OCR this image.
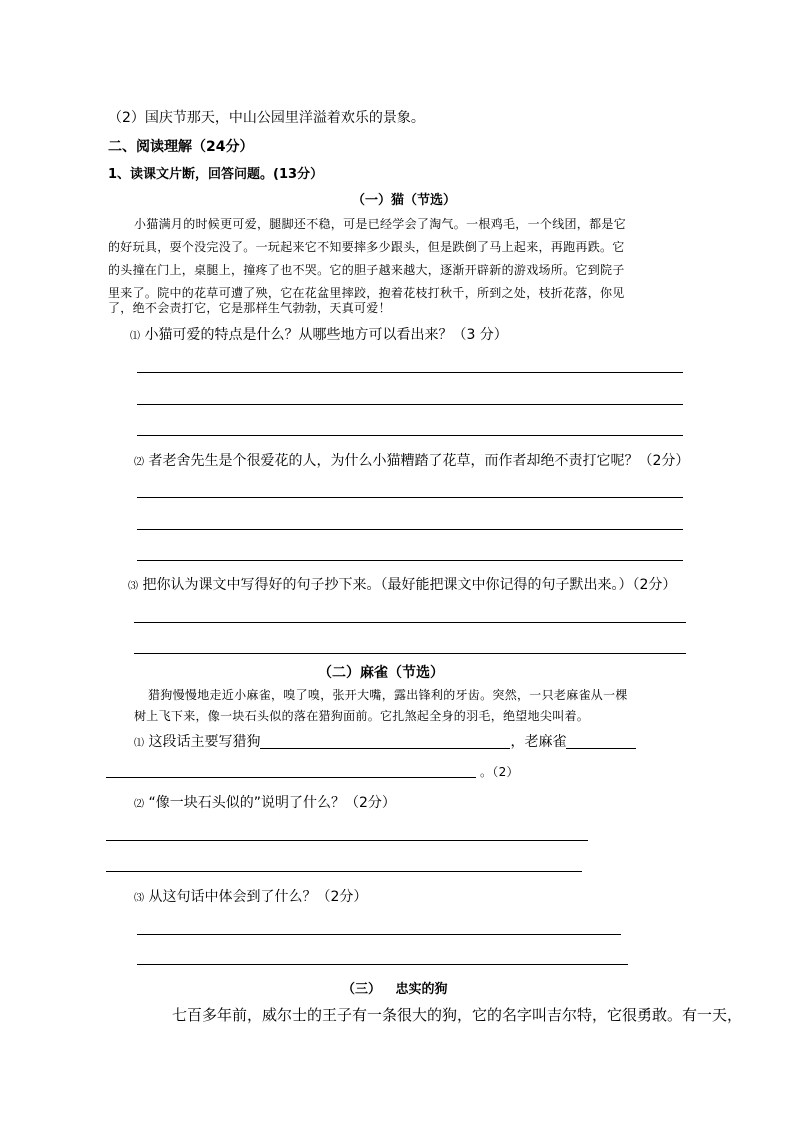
（2）国庆节那天，中山公园里洋溢着欢乐的景象。
二、阅读理解（24分）
1、读课文片断，回答问题。(13分）
（一）猫（节选）
小猫满月的时候更可爱，腿脚还不稳，可是已经学会了淘气。一根鸡毛，一个线团，都是它
的好玩具，耍个没完没了。一玩起来它不知要摔多少跟头，但是跌倒了马上起来，再跑再跌。它
的头撞在门上，桌腿上，撞疼了也不哭。它的胆子越来越大，逐渐开辟新的游戏场所。它到院子
里来了。院中的花草可遭了殃，它在花盆里摔跤，抱着花枝打秋千，所到之处，枝折花落，你见
了，绝不会责打它，它是那样生气勃勃，天真可爱！
⑴ 小猫可爱的特点是什么？从哪些地方可以看出来？（3 分）
⑵ 者老舍先生是个很爱花的人，为什么小猫糟踏了花草，而作者却绝不责打它呢？（2分）
⑶ 把你认为课文中写得好的句子抄下来。（最好能把课文中你记得的句子默出来。）（2分）
（二）麻雀（节选）
猎狗慢慢地走近小麻雀，嗅了嗅，张开大嘴，露出锋利的牙齿。突然，一只老麻雀从一棵
树上飞下来，像一块石头似的落在猎狗面前。它扎煞起全身的羽毛，绝望地尖叫着。
⑴ 这段话主要写猎狗	，老麻雀
。（2）
⑵ “像一块石头似的”说明了什么？（2分）
⑶ 从这句话中体会到了什么？（2分）
（三） 忠实的狗
七百多年前，威尔士的王子有一条很大的狗，它的名字叫吉尔特，它很勇敢。有一天，
